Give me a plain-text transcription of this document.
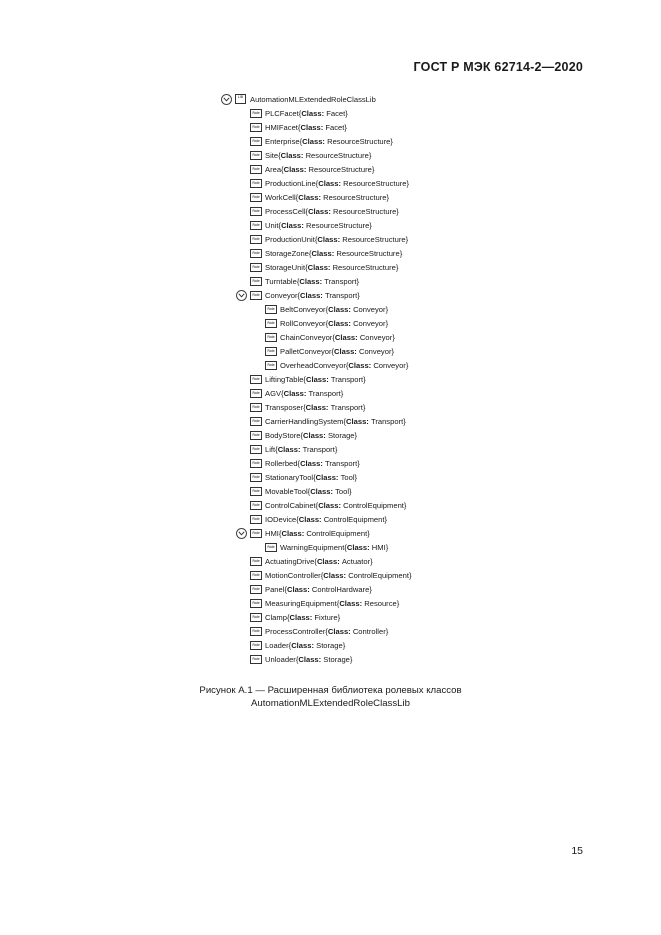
ГОСТ Р МЭК 62714-2—2020
LIB AutomationMLExtendedRoleClassLib
Role PLCFacet { Class:
Facet }
Role HMIFacet { Class:
Facet }
Role Enterprise { Class:
ResourceStructure }
Role Site { Class:
ResourceStructure }
Role Area { Class:
ResourceStructure }
Role ProductionLine { Class:
ResourceStructure }
Role WorkCell { Class:
ResourceStructure }
Role ProcessCell { Class:
ResourceStructure }
Role Unit { Class:
ResourceStructure }
Role ProductionUnit { Class:
ResourceStructure }
Role StorageZone { Class:
ResourceStructure }
Role StorageUnit { Class:
ResourceStructure }
Role Turntable { Class:
Transport }
Role Conveyor { Class:
Transport }
Role BeltConveyor { Class:
Conveyor }
Role RollConveyor { Class:
Conveyor }
Role ChainConveyor { Class:
Conveyor }
Role PalletConveyor { Class:
Conveyor }
Role OverheadConveyor { Class:
Conveyor }
Role LiftingTable { Class:
Transport }
Role AGV { Class:
Transport }
Role Transposer { Class:
Transport }
Role CarrierHandlingSystem { Class:
Transport }
Role BodyStore { Class:
Storage }
Role Lift { Class:
Transport }
Role Rollerbed { Class:
Transport }
Role StationaryTool { Class:
Tool }
Role MovableTool { Class:
Tool }
Role ControlCabinet { Class:
ControlEquipment }
Role IODevice { Class:
ControlEquipment }
Role HMI { Class:
ControlEquipment }
Role WarningEquipment { Class:
HMI }
Role ActuatingDrive { Class:
Actuator }
Role MotionController { Class:
ControlEquipment }
Role Panel { Class:
ControlHardware }
Role MeasuringEquipment { Class:
Resource }
Role Clamp { Class:
Fixture }
Role ProcessController { Class:
Controller }
Role Loader { Class:
Storage }
Role Unloader { Class:
Storage }
Рисунок А.1 — Расширенная библиотека ролевых классов
AutomationMLExtendedRoleClassLib
15
